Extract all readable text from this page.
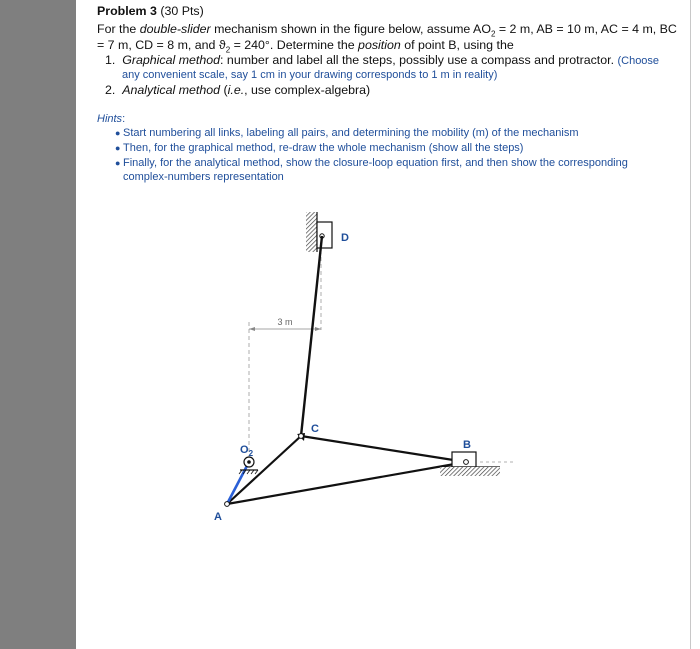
Problem 3 (30 Pts)
For the double-slider mechanism shown in the figure below, assume $AO_2 = 2$ m, AB = 10 m, AC = 4 m, BC
= 7 m, CD = 8 m, and $ϑ_2 = 240^\circ$. Determine the position of point B, using the
1. Graphical method: number and label all the steps, possibly use a compass and protractor. (Choose
any convenient scale, say 1 cm in your drawing corresponds to 1 m in reality)
2. Analytical method (i.e., use complex-algebra)
Hints:
● Start numbering all links, labeling all pairs, and determining the mobility (m) of the mechanism
● Then, for the graphical method, re-draw the whole mechanism (show all the steps)
● Finally, for the analytical method, show the closure-loop equation first, and then show the corresponding
complex-numbers representation
3 m
D
C
A
$O_2$
B
